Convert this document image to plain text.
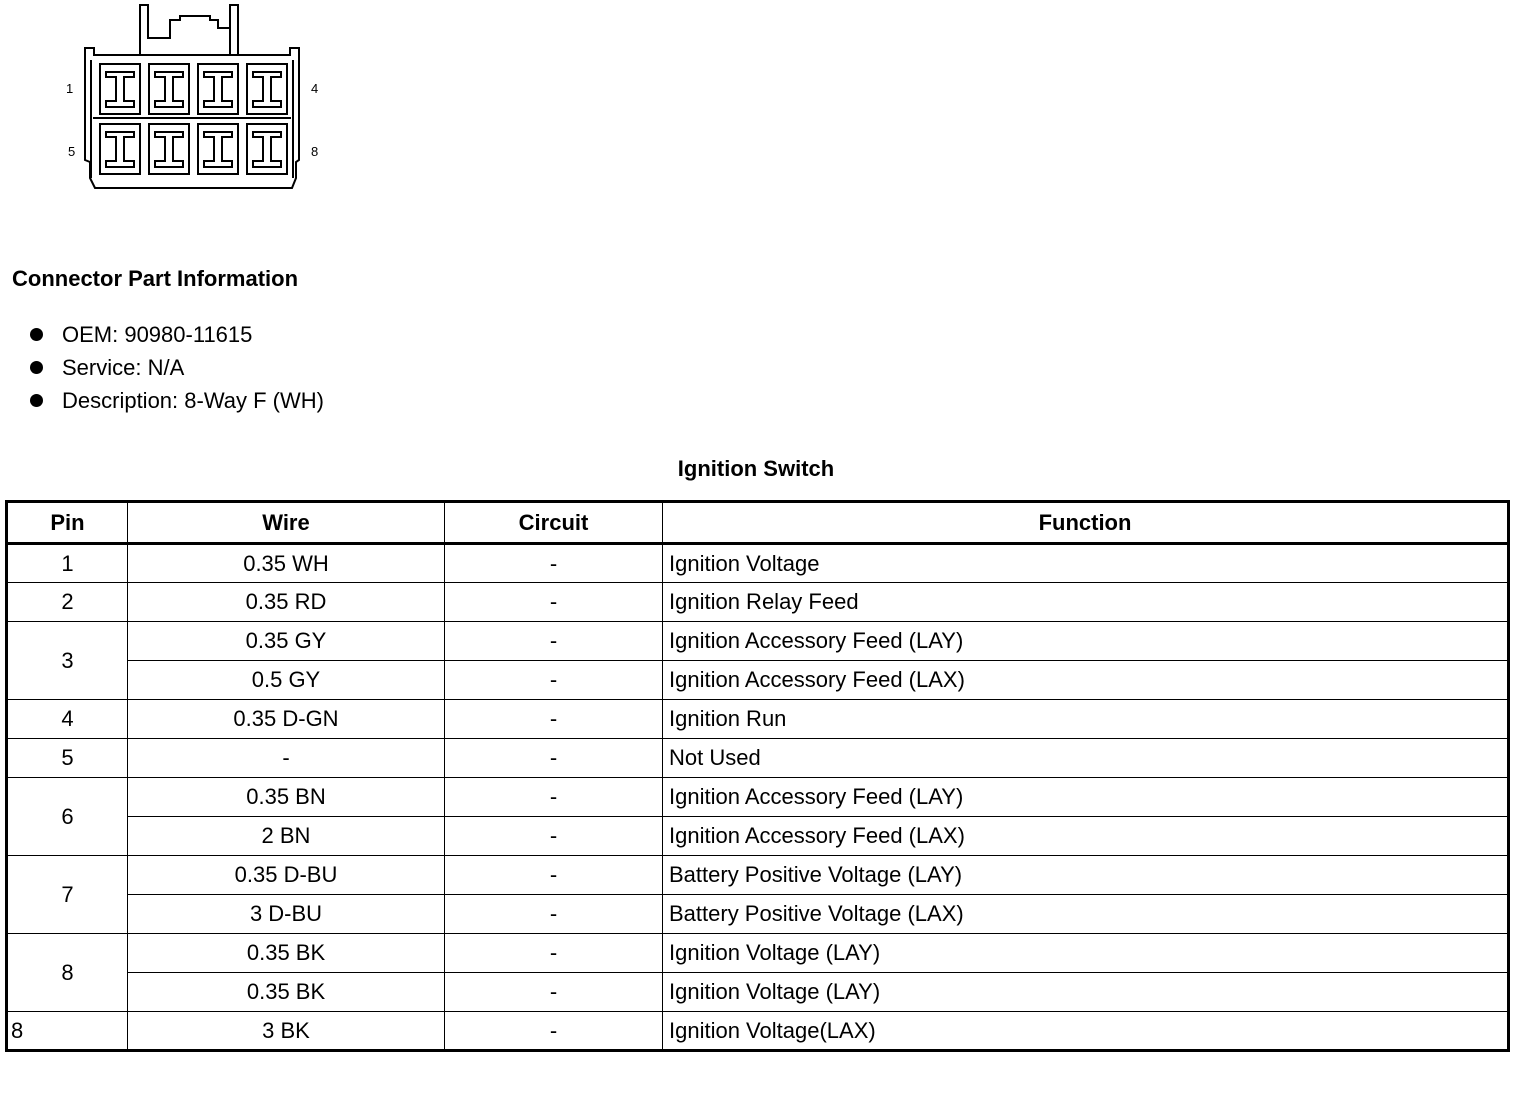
1	4
5	8
Connector Part Information
OEM: 90980-11615
Service: N/A
Description: 8-Way F (WH)
Ignition Switch
Pin	Wire	Circuit	Function
1	0.35 WH	-	Ignition Voltage
2	0.35 RD	-	Ignition Relay Feed
3	0.35 GY	-	Ignition Accessory Feed (LAY)
	0.5 GY	-	Ignition Accessory Feed (LAX)
4	0.35 D-GN	-	Ignition Run
5	-	-	Not Used
6	0.35 BN	-	Ignition Accessory Feed (LAY)
	2 BN	-	Ignition Accessory Feed (LAX)
7	0.35 D-BU	-	Battery Positive Voltage (LAY)
	3 D-BU	-	Battery Positive Voltage (LAX)
8	0.35 BK	-	Ignition Voltage (LAY)
	0.35 BK	-	Ignition Voltage (LAY)
8	3 BK	-	Ignition Voltage(LAX)
